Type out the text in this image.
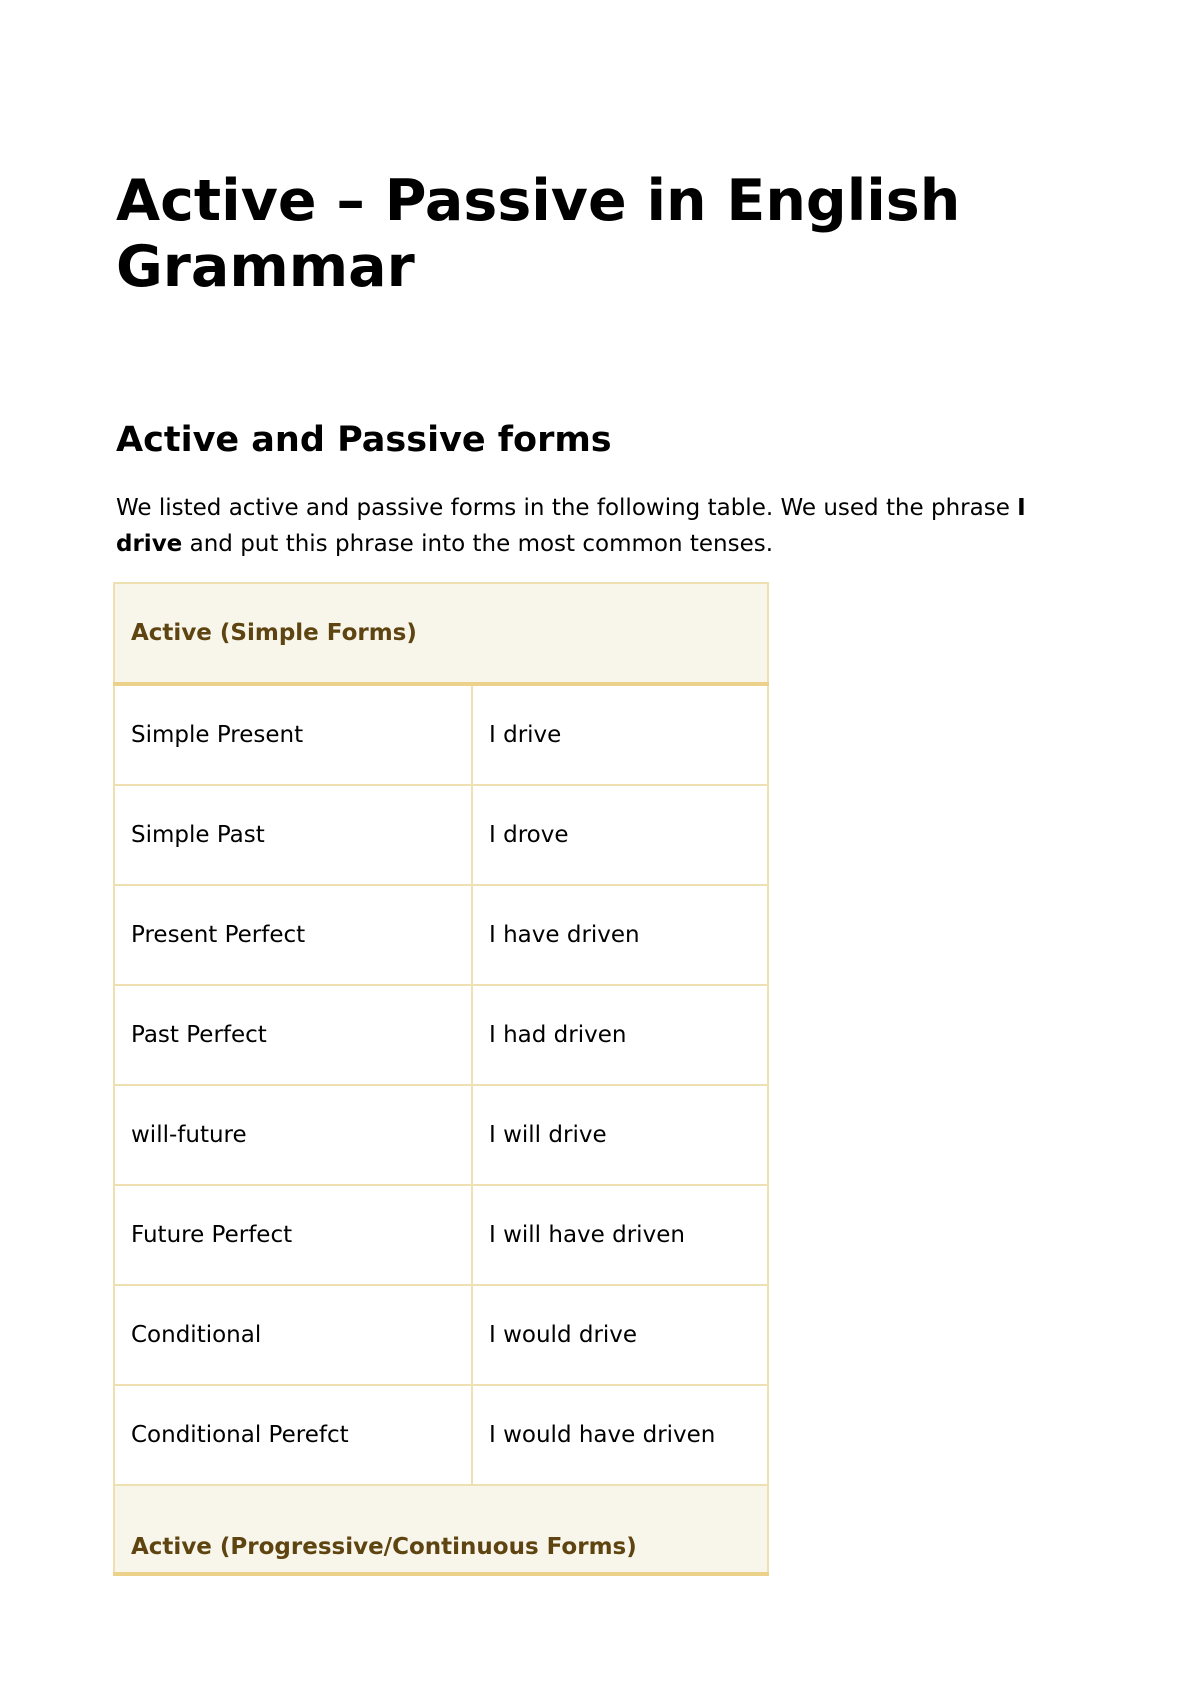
Active – Passive in English Grammar
Active and Passive forms

We listed active and passive forms in the following table. We used the phrase I drive and put this phrase into the most common tenses.

Active (Simple Forms)	
Simple Present	I drive
Simple Past	I drove
Present Perfect	I have driven
Past Perfect	I had driven
will-future	I will drive
Future Perfect	I will have driven
Conditional	I would drive
Conditional Perefct	I would have driven
Active (Progressive/Continuous Forms)	
